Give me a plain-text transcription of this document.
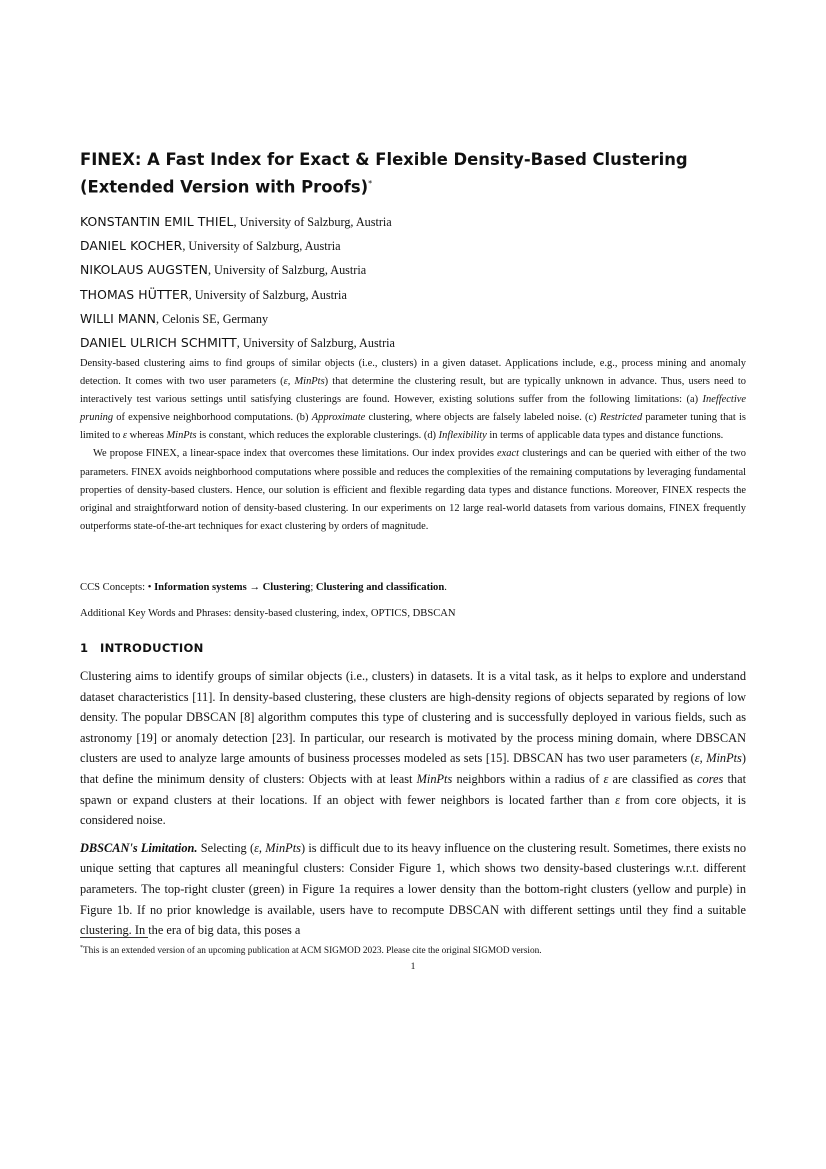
FINEX: A Fast Index for Exact & Flexible Density-Based Clustering
(Extended Version with Proofs)*
KONSTANTIN EMIL THIEL, University of Salzburg, Austria
DANIEL KOCHER, University of Salzburg, Austria
NIKOLAUS AUGSTEN, University of Salzburg, Austria
THOMAS HÜTTER, University of Salzburg, Austria
WILLI MANN, Celonis SE, Germany
DANIEL ULRICH SCHMITT, University of Salzburg, Austria

Density-based clustering aims to find groups of similar objects (i.e., clusters) in a given dataset. Applications include, e.g., process mining and anomaly detection. It comes with two user parameters (ε, MinPts) that determine the clustering result, but are typically unknown in advance. Thus, users need to interactively test various settings until satisfying clusterings are found. However, existing solutions suffer from the following limitations: (a) Ineffective pruning of expensive neighborhood computations. (b) Approximate clustering, where objects are falsely labeled noise. (c) Restricted parameter tuning that is limited to ε whereas MinPts is constant, which reduces the explorable clusterings. (d) Inflexibility in terms of applicable data types and distance functions.

We propose FINEX, a linear-space index that overcomes these limitations. Our index provides exact clusterings and can be queried with either of the two parameters. FINEX avoids neighborhood computations where possible and reduces the complexities of the remaining computations by leveraging fundamental properties of density-based clusters. Hence, our solution is efficient and flexible regarding data types and distance functions. Moreover, FINEX respects the original and straightforward notion of density-based clustering. In our experiments on 12 large real-world datasets from various domains, FINEX frequently outperforms state-of-the-art techniques for exact clustering by orders of magnitude.

CCS Concepts: • Information systems → Clustering; Clustering and classification.
Additional Key Words and Phrases: density-based clustering, index, OPTICS, DBSCAN
1 INTRODUCTION

Clustering aims to identify groups of similar objects (i.e., clusters) in datasets. It is a vital task, as it helps to explore and understand dataset characteristics [11]. In density-based clustering, these clusters are high-density regions of objects separated by regions of low density. The popular DBSCAN [8] algorithm computes this type of clustering and is successfully deployed in various fields, such as astronomy [19] or anomaly detection [23]. In particular, our research is motivated by the process mining domain, where DBSCAN clusters are used to analyze large amounts of business processes modeled as sets [15]. DBSCAN has two user parameters (ε, MinPts) that define the minimum density of clusters: Objects with at least MinPts neighbors within a radius of ε are classified as cores that spawn or expand clusters at their locations. If an object with fewer neighbors is located farther than ε from core objects, it is considered noise.

DBSCAN's Limitation. Selecting (ε, MinPts) is difficult due to its heavy influence on the clustering result. Sometimes, there exists no unique setting that captures all meaningful clusters: Consider Figure 1, which shows two density-based clusterings w.r.t. different parameters. The top-right cluster (green) in Figure 1a requires a lower density than the bottom-right clusters (yellow and purple) in Figure 1b. If no prior knowledge is available, users have to recompute DBSCAN with different settings until they find a suitable clustering. In the era of big data, this poses a

*This is an extended version of an upcoming publication at ACM SIGMOD 2023. Please cite the original SIGMOD version.
1
